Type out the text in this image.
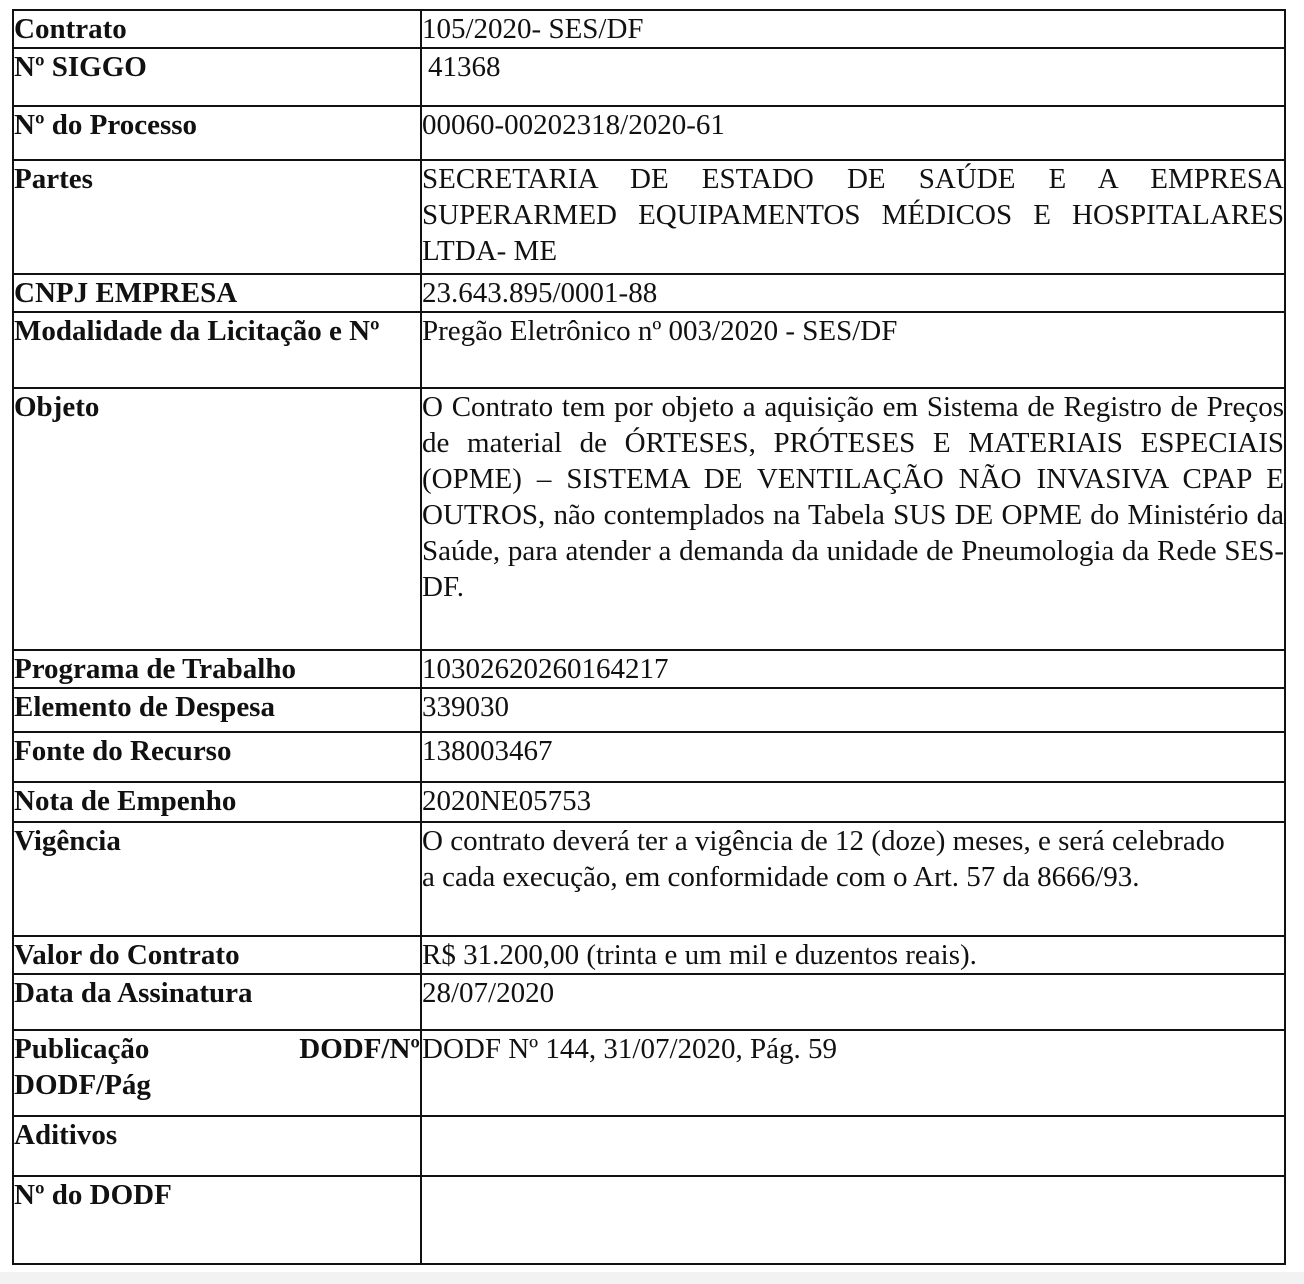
Contrato	105/2020- SES/DF
Nº SIGGO	41368
Nº do Processo	00060-00202318/2020-61
Partes	SECRETARIA DE ESTADO DE SAÚDE E A EMPRESA SUPERARMED EQUIPAMENTOS MÉDICOS E HOSPITALARES LTDA- ME

CNPJ EMPRESA	23.643.895/0001-88
Modalidade da Licitação e Nº	Pregão Eletrônico nº 003/2020 - SES/DF
Objeto	O Contrato tem por objeto a aquisição em Sistema de Registro de Preços de material de ÓRTESES, PRÓTESES E MATERIAIS ESPECIAIS (OPME) – SISTEMA DE VENTILAÇÃO NÃO INVASIVA CPAP E OUTROS, não contemplados na Tabela SUS DE OPME do Ministério da Saúde, para atender a demanda da unidade de Pneumologia da Rede SES-DF.

Programa de Trabalho	10302620260164217
Elemento de Despesa	339030
Fonte do Recurso	138003467
Nota de Empenho	2020NE05753
Vigência	O contrato deverá ter a vigência de 12 (doze) meses, e será celebrado a cada execução, em conformidade com o Art. 57 da 8666/93.

Valor do Contrato	R$ 31.200,00 (trinta e um mil e duzentos reais).
Data da Assinatura	28/07/2020
Publicação DODF/Nº DODF/Pág	DODF Nº 144, 31/07/2020, Pág. 59
Aditivos	
Nº do DODF	
